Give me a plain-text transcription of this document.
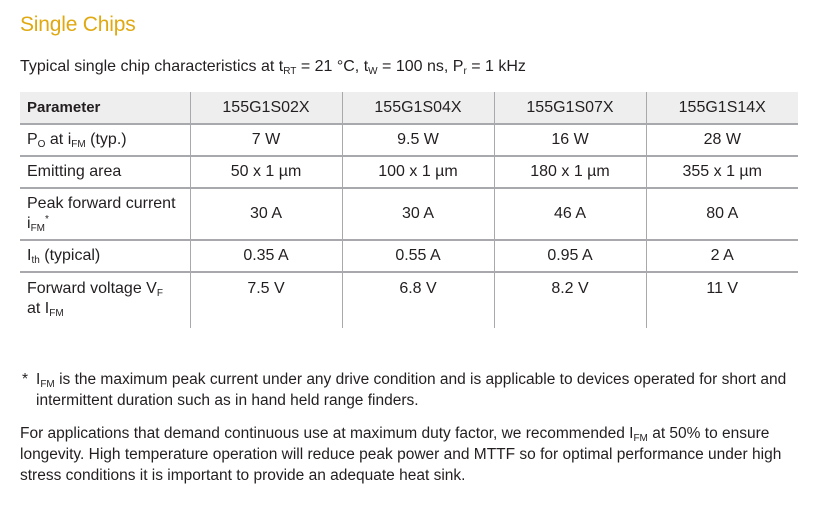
Single Chips
Typical single chip characteristics at $t_{RT} = 21$ °C, $t_W = 100$ ns, $P_r = 1$ kHz
Parameter	155G1S02X	155G1S04X	155G1S07X	155G1S14X
$P_O$ at $i_{FM}$ (typ.)	7 W	9.5 W	16 W	28 W
Emitting area	50 x 1 µm	100 x 1 µm	180 x 1 µm	355 x 1 µm
Peak forward current
$i_{FM}^*$	30 A	30 A	46 A	80 A
$I_{th}$ (typical)	0.35 A	0.55 A	0.95 A	2 A
Forward voltage $V_F$
at $I_{FM}$	7.5 V	6.8 V	8.2 V	11 V
* $I_{FM}$ is the maximum peak current under any drive condition and is applicable to devices operated for short and intermittent duration such as in hand held range finders.
For applications that demand continuous use at maximum duty factor, we recommended $I_{FM}$ at 50% to ensure longevity. High temperature operation will reduce peak power and MTTF so for optimal performance under high stress conditions it is important to provide an adequate heat sink.
